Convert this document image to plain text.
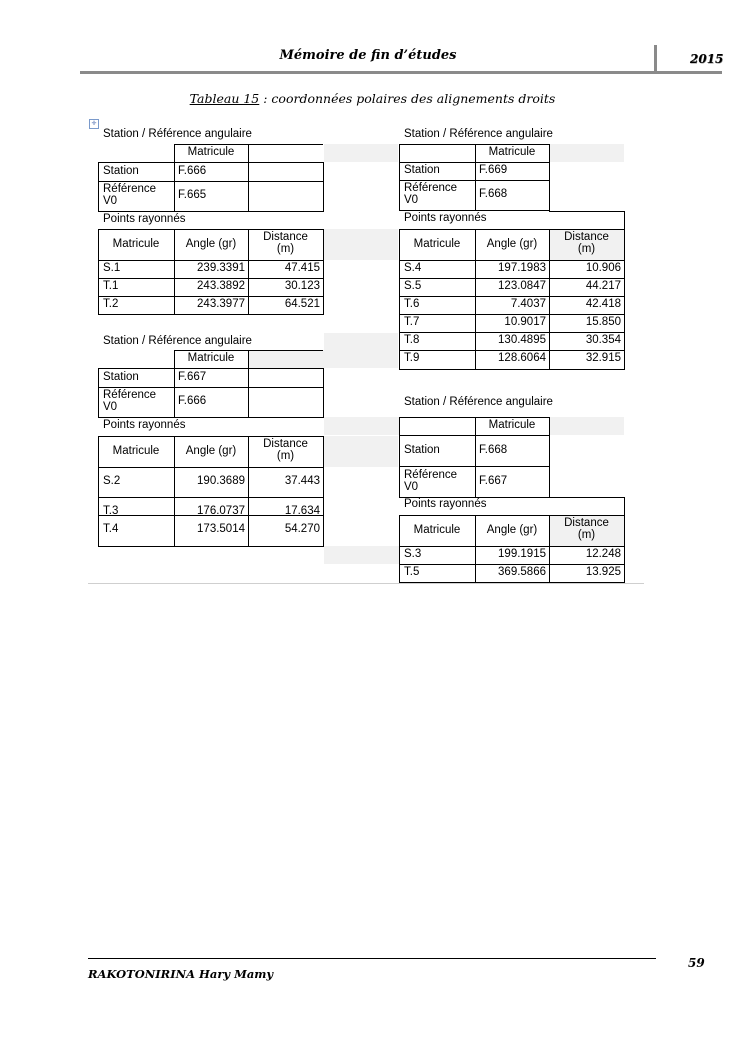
Mémoire de fin d’études	2015
Tableau 15 : coordonnées polaires des alignements droits
✛
Station / Référence angulaire
Matricule
Station	F.666
Référence
V0	F.665
Points rayonnés
Matricule	Angle (gr)
Distance
(m)
S.1	239.3391	47.415
T.1	243.3892	30.123
T.2	243.3977	64.521
Station / Référence angulaire
Matricule
Station	F.669
Référence
V0	F.668
Points rayonnés
Matricule	Angle (gr)
Distance
(m)
S.4	197.1983	10.906
S.5	123.0847	44.217
T.6	7.4037	42.418
T.7	10.9017	15.850
T.8	130.4895	30.354
T.9	128.6064	32.915
Station / Référence angulaire
Matricule
Station	F.667
Référence
V0	F.666
Points rayonnés
Matricule	Angle (gr)
Distance
(m)
S.2	190.3689	37.443
T.3	176.0737	17.634
T.4	173.5014	54.270
Station / Référence angulaire
Matricule
Station	F.668
Référence
V0	F.667
Points rayonnés
Matricule	Angle (gr)
Distance
(m)
S.3	199.1915	12.248
T.5	369.5866	13.925
RAKOTONIRINA Hary Mamy
59
